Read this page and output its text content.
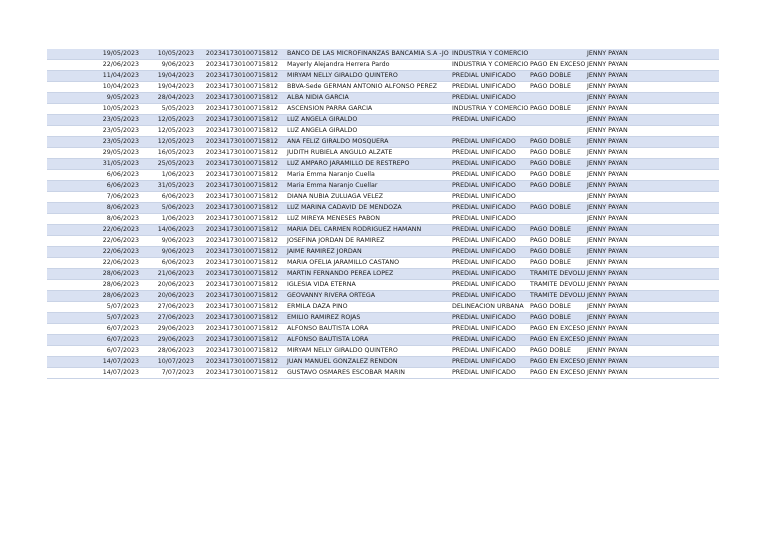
19/05/2023	10/05/2023	202341730100715812	BANCO DE LAS MICROFINANZAS BANCAMIA S.A -JO	INDUSTRIA Y COMERCIO		JENNY PAYAN	
22/06/2023	9/06/2023	202341730100715812	Mayerly Alejandra Herrera Pardo	INDUSTRIA Y COMERCIO	PAGO EN EXCESO	JENNY PAYAN	
11/04/2023	19/04/2023	202341730100715812	MIRYAM NELLY GIRALDO QUINTERO	PREDIAL UNIFICADO	PAGO DOBLE	JENNY PAYAN	
10/04/2023	19/04/2023	202341730100715812	BBVA-Sede GERMAN ANTONIO ALFONSO PEREZ	PREDIAL UNIFICADO	PAGO DOBLE	JENNY PAYAN	
9/05/2023	28/04/2023	202341730100715812	ALBA NIDIA GARCIA	PREDIAL UNIFICADO		JENNY PAYAN	
10/05/2023	5/05/2023	202341730100715812	ASCENSION PARRA GARCIA	INDUSTRIA Y COMERCIO	PAGO DOBLE	JENNY PAYAN	
23/05/2023	12/05/2023	202341730100715812	LUZ ANGELA GIRALDO	PREDIAL UNIFICADO		JENNY PAYAN	
23/05/2023	12/05/2023	202341730100715812	LUZ ANGELA GIRALDO			JENNY PAYAN	
23/05/2023	12/05/2023	202341730100715812	ANA FELIZ GIRALDO MOSQUERA	PREDIAL UNIFICADO	PAGO DOBLE	JENNY PAYAN	
29/05/2023	16/05/2023	202341730100715812	JUDITH RUBIELA ANGULO ALZATE	PREDIAL UNIFICADO	PAGO DOBLE	JENNY PAYAN	
31/05/2023	25/05/2023	202341730100715812	LUZ AMPARO JARAMILLO DE RESTREPO	PREDIAL UNIFICADO	PAGO DOBLE	JENNY PAYAN	
6/06/2023	1/06/2023	202341730100715812	Maria Emma Naranjo Cuella	PREDIAL UNIFICADO	PAGO DOBLE	JENNY PAYAN	
6/06/2023	31/05/2023	202341730100715812	Maria Emma Naranjo Cuellar	PREDIAL UNIFICADO	PAGO DOBLE	JENNY PAYAN	
7/06/2023	6/06/2023	202341730100715812	DIANA NUBIA ZULUAGA VELEZ	PREDIAL UNIFICADO		JENNY PAYAN	
8/06/2023	5/06/2023	202341730100715812	LUZ MARINA CADAVID DE MENDOZA	PREDIAL UNIFICADO	PAGO DOBLE	JENNY PAYAN	
8/06/2023	1/06/2023	202341730100715812	LUZ MIREYA MENESES PABON	PREDIAL UNIFICADO		JENNY PAYAN	
22/06/2023	14/06/2023	202341730100715812	MARIA DEL CARMEN RODRIGUEZ HAMANN	PREDIAL UNIFICADO	PAGO DOBLE	JENNY PAYAN	
22/06/2023	9/06/2023	202341730100715812	JOSEFINA JORDAN DE RAMIREZ	PREDIAL UNIFICADO	PAGO DOBLE	JENNY PAYAN	
22/06/2023	9/06/2023	202341730100715812	JAIME RAMIREZ JORDAN	PREDIAL UNIFICADO	PAGO DOBLE	JENNY PAYAN	
22/06/2023	6/06/2023	202341730100715812	MARIA OFELIA JARAMILLO CASTANO	PREDIAL UNIFICADO	PAGO DOBLE	JENNY PAYAN	
28/06/2023	21/06/2023	202341730100715812	MARTIN FERNANDO PEREA LOPEZ	PREDIAL UNIFICADO	TRAMITE DEVOLU	JENNY PAYAN	
28/06/2023	20/06/2023	202341730100715812	IGLESIA VIDA ETERNA	PREDIAL UNIFICADO	TRAMITE DEVOLU	JENNY PAYAN	
28/06/2023	20/06/2023	202341730100715812	GEOVANNY RIVERA ORTEGA	PREDIAL UNIFICADO	TRAMITE DEVOLU	JENNY PAYAN	
5/07/2023	27/06/2023	202341730100715812	ERMILA DAZA PINO	DELINEACION URBANA	PAGO DOBLE	JENNY PAYAN	
5/07/2023	27/06/2023	202341730100715812	EMILIO RAMIREZ ROJAS	PREDIAL UNIFICADO	PAGO DOBLE	JENNY PAYAN	
6/07/2023	29/06/2023	202341730100715812	ALFONSO BAUTISTA LORA	PREDIAL UNIFICADO	PAGO EN EXCESO	JENNY PAYAN	
6/07/2023	29/06/2023	202341730100715812	ALFONSO BAUTISTA LORA	PREDIAL UNIFICADO	PAGO EN EXCESO	JENNY PAYAN	
6/07/2023	28/06/2023	202341730100715812	MIRYAM NELLY GIRALDO QUINTERO	PREDIAL UNIFICADO	PAGO DOBLE	JENNY PAYAN	
14/07/2023	10/07/2023	202341730100715812	JUAN MANUEL GONZALEZ RENDON	PREDIAL UNIFICADO	PAGO EN EXCESO	JENNY PAYAN	
14/07/2023	7/07/2023	202341730100715812	GUSTAVO OSMARES ESCOBAR MARIN	PREDIAL UNIFICADO	PAGO EN EXCESO	JENNY PAYAN	
